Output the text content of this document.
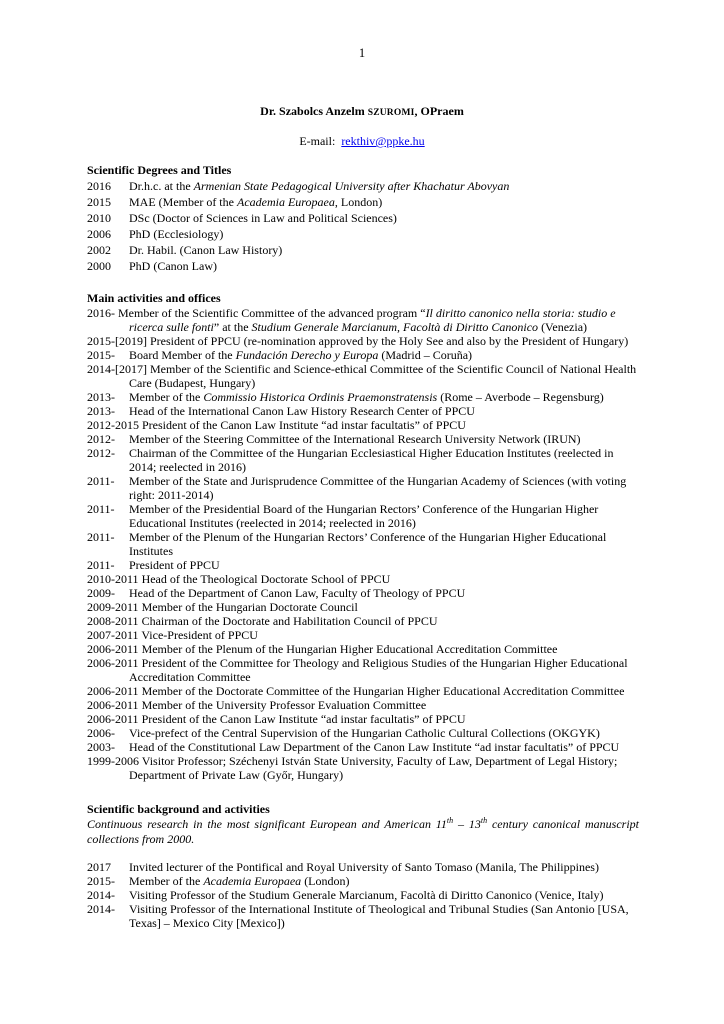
1
Dr. Szabolcs Anzelm SZUROMI, OPraem
E-mail: rekthiv@ppke.hu
Scientific Degrees and Titles
2016 Dr.h.c. at the Armenian State Pedagogical University after Khachatur Abovyan
2015 MAE (Member of the Academia Europaea, London)
2010 DSc (Doctor of Sciences in Law and Political Sciences)
2006 PhD (Ecclesiology)
2002 Dr. Habil. (Canon Law History)
2000 PhD (Canon Law)
Main activities and offices
2016- Member of the Scientific Committee of the advanced program “Il diritto canonico nella storia: studio e ricerca sulle fonti” at the Studium Generale Marcianum, Facoltà di Diritto Canonico (Venezia)
2015-[2019] President of PPCU (re-nomination approved by the Holy See and also by the President of Hungary)
2015- Board Member of the Fundación Derecho y Europa (Madrid – Coruña)
2014-[2017] Member of the Scientific and Science-ethical Committee of the Scientific Council of National Health Care (Budapest, Hungary)
2013- Member of the Commissio Historica Ordinis Praemonstratensis (Rome – Averbode – Regensburg)
2013- Head of the International Canon Law History Research Center of PPCU
2012-2015 President of the Canon Law Institute “ad instar facultatis” of PPCU
2012- Member of the Steering Committee of the International Research University Network (IRUN)
2012- Chairman of the Committee of the Hungarian Ecclesiastical Higher Education Institutes (reelected in 2014; reelected in 2016)
2011- Member of the State and Jurisprudence Committee of the Hungarian Academy of Sciences (with voting right: 2011-2014)
2011- Member of the Presidential Board of the Hungarian Rectors’ Conference of the Hungarian Higher Educational Institutes (reelected in 2014; reelected in 2016)
2011- Member of the Plenum of the Hungarian Rectors’ Conference of the Hungarian Higher Educational Institutes
2011- President of PPCU
2010-2011 Head of the Theological Doctorate School of PPCU
2009- Head of the Department of Canon Law, Faculty of Theology of PPCU
2009-2011 Member of the Hungarian Doctorate Council
2008-2011 Chairman of the Doctorate and Habilitation Council of PPCU
2007-2011 Vice-President of PPCU
2006-2011 Member of the Plenum of the Hungarian Higher Educational Accreditation Committee
2006-2011 President of the Committee for Theology and Religious Studies of the Hungarian Higher Educational Accreditation Committee
2006-2011 Member of the Doctorate Committee of the Hungarian Higher Educational Accreditation Committee
2006-2011 Member of the University Professor Evaluation Committee
2006-2011 President of the Canon Law Institute “ad instar facultatis” of PPCU
2006- Vice-prefect of the Central Supervision of the Hungarian Catholic Cultural Collections (OKGYK)
2003- Head of the Constitutional Law Department of the Canon Law Institute “ad instar facultatis” of PPCU
1999-2006 Visitor Professor; Széchenyi István State University, Faculty of Law, Department of Legal History; Department of Private Law (Győr, Hungary)
Scientific background and activities
Continuous research in the most significant European and American 11th – 13th century canonical manuscript collections from 2000.
2017 Invited lecturer of the Pontifical and Royal University of Santo Tomaso (Manila, The Philippines)
2015- Member of the Academia Europaea (London)
2014- Visiting Professor of the Studium Generale Marcianum, Facoltà di Diritto Canonico (Venice, Italy)
2014- Visiting Professor of the International Institute of Theological and Tribunal Studies (San Antonio [USA, Texas] – Mexico City [Mexico])
